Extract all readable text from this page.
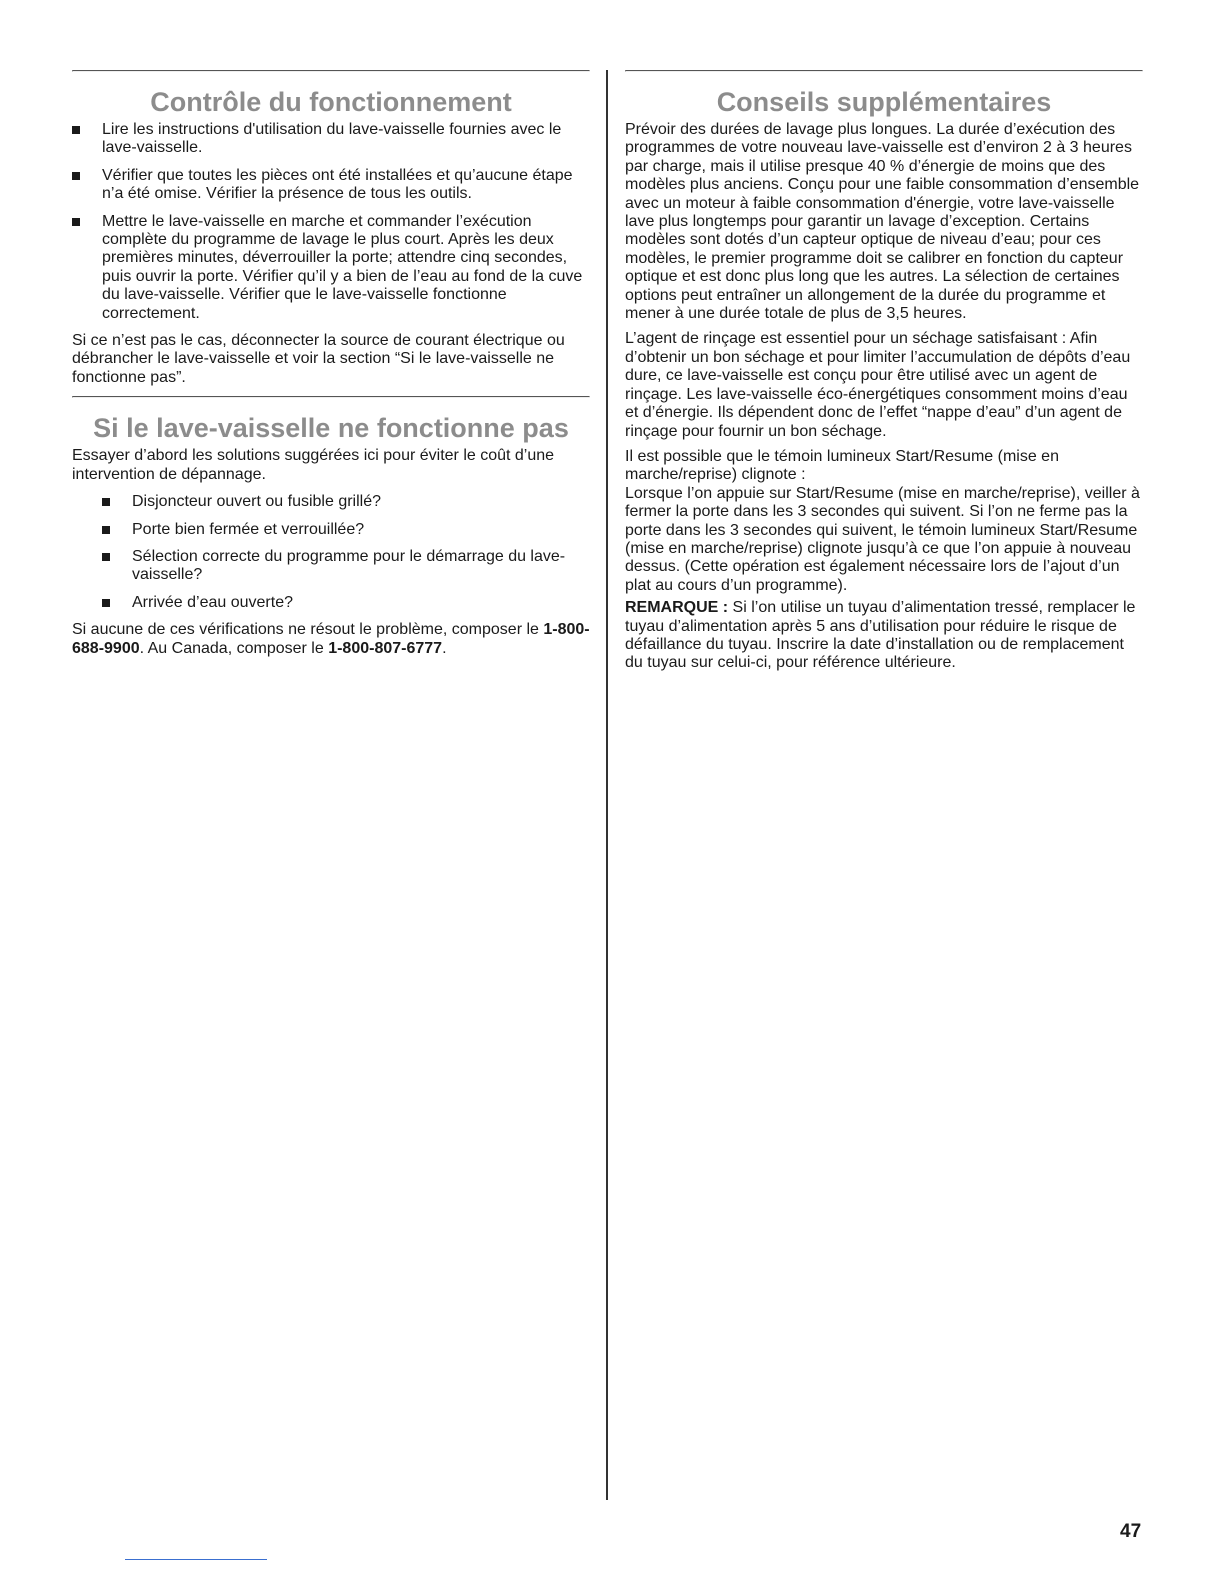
Contrôle du fonctionnement
Lire les instructions d'utilisation du lave-vaisselle fournies avec le lave-vaisselle.
Vérifier que toutes les pièces ont été installées et qu’aucune étape n’a été omise. Vérifier la présence de tous les outils.
Mettre le lave-vaisselle en marche et commander l’exécution complète du programme de lavage le plus court. Après les deux premières minutes, déverrouiller la porte; attendre cinq secondes, puis ouvrir la porte. Vérifier qu’il y a bien de l’eau au fond de la cuve du lave-vaisselle. Vérifier que le lave-vaisselle fonctionne correctement.

Si ce n’est pas le cas, déconnecter la source de courant électrique ou débrancher le lave-vaisselle et voir la section “Si le lave-vaisselle ne fonctionne pas”.

Si le lave-vaisselle ne fonctionne pas

Essayer d’abord les solutions suggérées ici pour éviter le coût d’une intervention de dépannage.

Disjoncteur ouvert ou fusible grillé?
Porte bien fermée et verrouillée?
Sélection correcte du programme pour le démarrage du lave-vaisselle?
Arrivée d’eau ouverte?

Si aucune de ces vérifications ne résout le problème, composer le 1-800-688-9900. Au Canada, composer le 1-800-807-6777.

Conseils supplémentaires

Prévoir des durées de lavage plus longues. La durée d’exécution des programmes de votre nouveau lave-vaisselle est d’environ 2 à 3 heures par charge, mais il utilise presque 40 % d’énergie de moins que des modèles plus anciens. Conçu pour une faible consommation d’ensemble avec un moteur à faible consommation d'énergie, votre lave-vaisselle lave plus longtemps pour garantir un lavage d’exception. Certains modèles sont dotés d’un capteur optique de niveau d’eau; pour ces modèles, le premier programme doit se calibrer en fonction du capteur optique et est donc plus long que les autres. La sélection de certaines options peut entraîner un allongement de la durée du programme et mener à une durée totale de plus de 3,5 heures.

L’agent de rinçage est essentiel pour un séchage satisfaisant : Afin d’obtenir un bon séchage et pour limiter l’accumulation de dépôts d’eau dure, ce lave-vaisselle est conçu pour être utilisé avec un agent de rinçage. Les lave-vaisselle éco-énergétiques consomment moins d’eau et d’énergie. Ils dépendent donc de l’effet “nappe d’eau” d’un agent de rinçage pour fournir un bon séchage.

Il est possible que le témoin lumineux Start/Resume (mise en marche/reprise) clignote :
Lorsque l’on appuie sur Start/Resume (mise en marche/reprise), veiller à fermer la porte dans les 3 secondes qui suivent. Si l’on ne ferme pas la porte dans les 3 secondes qui suivent, le témoin lumineux Start/Resume (mise en marche/reprise) clignote jusqu’à ce que l’on appuie à nouveau dessus. (Cette opération est également nécessaire lors de l’ajout d’un plat au cours d’un programme).

REMARQUE : Si l’on utilise un tuyau d’alimentation tressé, remplacer le tuyau d’alimentation après 5 ans d’utilisation pour réduire le risque de défaillance du tuyau. Inscrire la date d’installation ou de remplacement du tuyau sur celui-ci, pour référence ultérieure.

47
